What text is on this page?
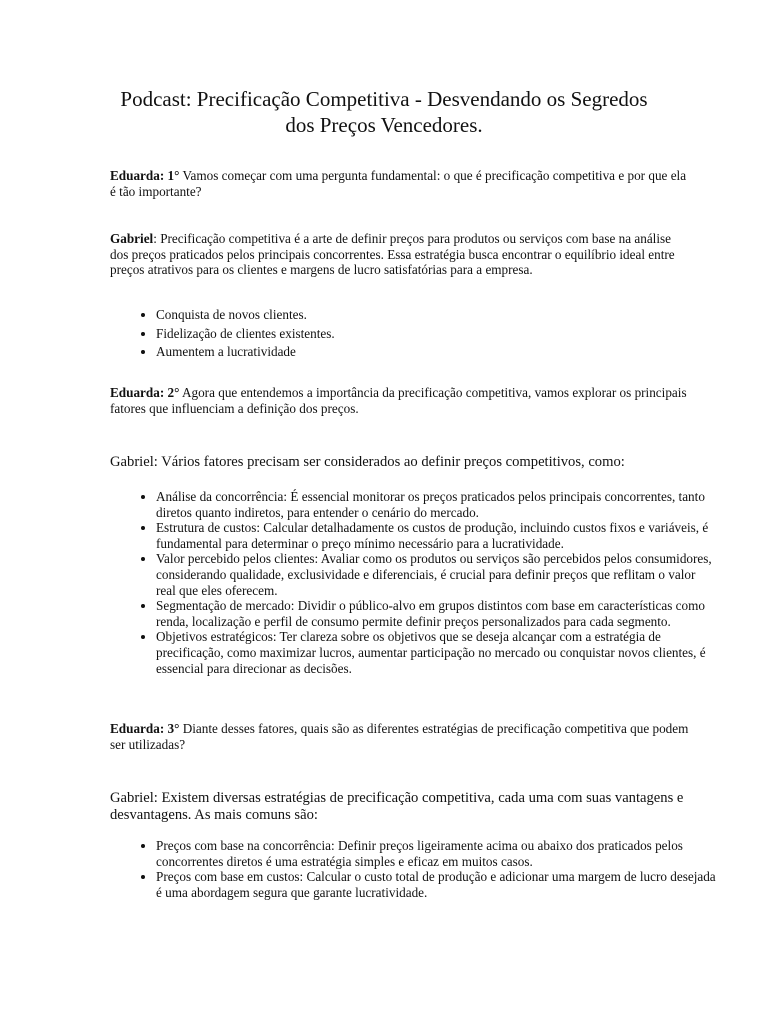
Podcast: Precificação Competitiva - Desvendando os Segredos
dos Preços Vencedores.

Eduarda: 1° Vamos começar com uma pergunta fundamental: o que é precificação competitiva e por que ela é tão importante?

Gabriel: Precificação competitiva é a arte de definir preços para produtos ou serviços com base na análise dos preços praticados pelos principais concorrentes. Essa estratégia busca encontrar o equilíbrio ideal entre preços atrativos para os clientes e margens de lucro satisfatórias para a empresa.

• Conquista de novos clientes.
• Fidelização de clientes existentes.
• Aumentem a lucratividade

Eduarda: 2° Agora que entendemos a importância da precificação competitiva, vamos explorar os principais fatores que influenciam a definição dos preços.

Gabriel: Vários fatores precisam ser considerados ao definir preços competitivos, como:

• Análise da concorrência: É essencial monitorar os preços praticados pelos principais concorrentes, tanto diretos quanto indiretos, para entender o cenário do mercado.
• Estrutura de custos: Calcular detalhadamente os custos de produção, incluindo custos fixos e variáveis, é fundamental para determinar o preço mínimo necessário para a lucratividade.
• Valor percebido pelos clientes: Avaliar como os produtos ou serviços são percebidos pelos consumidores, considerando qualidade, exclusividade e diferenciais, é crucial para definir preços que reflitam o valor real que eles oferecem.
• Segmentação de mercado: Dividir o público-alvo em grupos distintos com base em características como renda, localização e perfil de consumo permite definir preços personalizados para cada segmento.
• Objetivos estratégicos: Ter clareza sobre os objetivos que se deseja alcançar com a estratégia de precificação, como maximizar lucros, aumentar participação no mercado ou conquistar novos clientes, é essencial para direcionar as decisões.

Eduarda: 3° Diante desses fatores, quais são as diferentes estratégias de precificação competitiva que podem ser utilizadas?

Gabriel: Existem diversas estratégias de precificação competitiva, cada uma com suas vantagens e desvantagens. As mais comuns são:

• Preços com base na concorrência: Definir preços ligeiramente acima ou abaixo dos praticados pelos concorrentes diretos é uma estratégia simples e eficaz em muitos casos.
• Preços com base em custos: Calcular o custo total de produção e adicionar uma margem de lucro desejada é uma abordagem segura que garante lucratividade.
